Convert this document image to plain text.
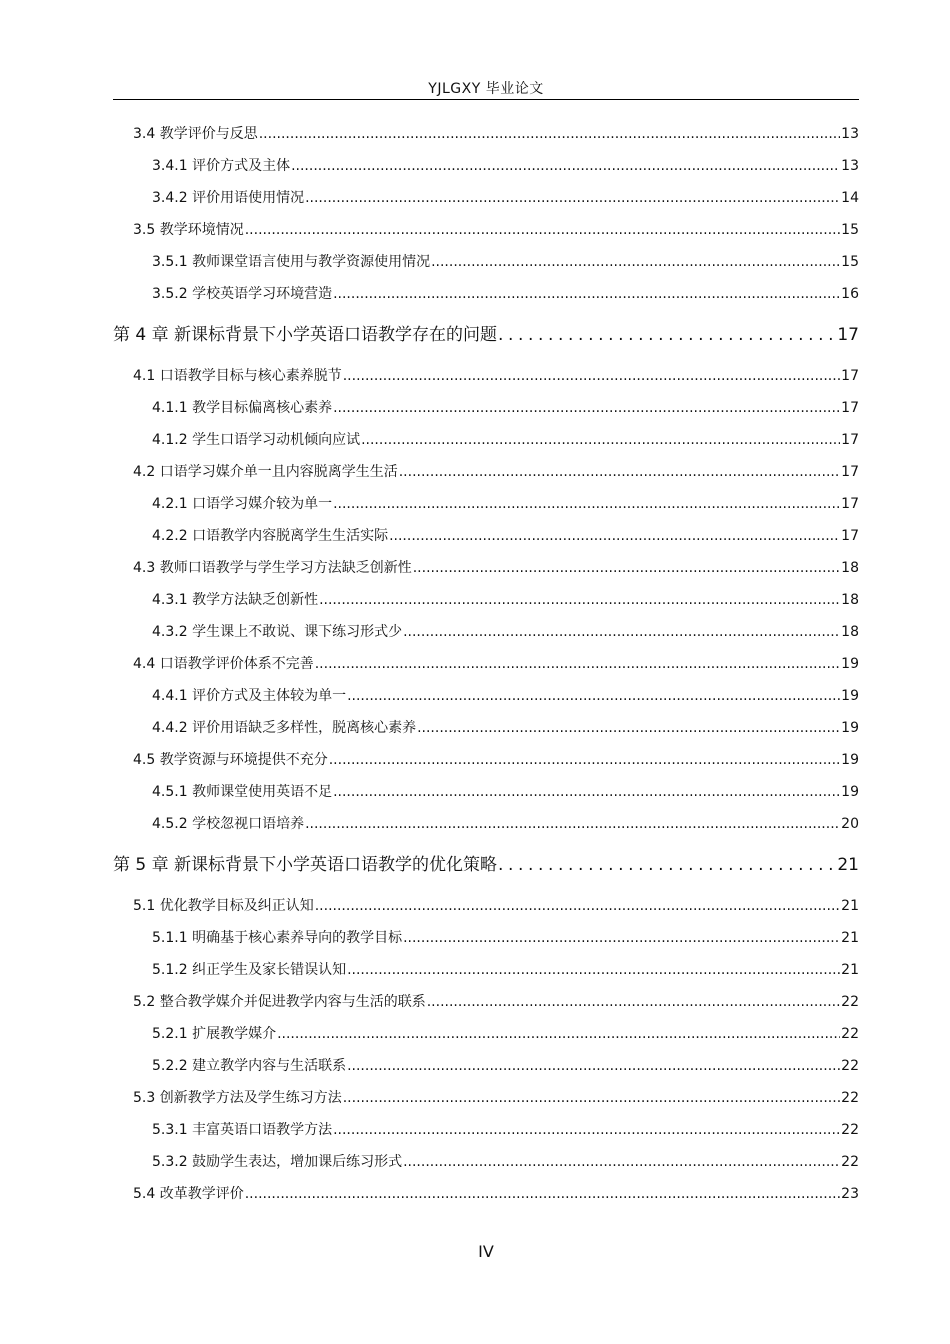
YJLGXY 毕业论文
3.4 教学评价与反思 .....	13
3.4.1 评价方式及主体 .....	13
3.4.2 评价用语使用情况 .....	14
3.5 教学环境情况 .....	15
3.5.1 教师课堂语言使用与教学资源使用情况 .....	15
3.5.2 学校英语学习环境营造 .....	16
第 4 章 新课标背景下小学英语口语教学存在的问题 .....	17
4.1 口语教学目标与核心素养脱节 .....	17
4.1.1 教学目标偏离核心素养 .....	17
4.1.2 学生口语学习动机倾向应试 .....	17
4.2 口语学习媒介单一且内容脱离学生生活 .....	17
4.2.1 口语学习媒介较为单一 .....	17
4.2.2 口语教学内容脱离学生生活实际 .....	17
4.3 教师口语教学与学生学习方法缺乏创新性 .....	18
4.3.1 教学方法缺乏创新性 .....	18
4.3.2 学生课上不敢说、课下练习形式少 .....	18
4.4 口语教学评价体系不完善 .....	19
4.4.1 评价方式及主体较为单一 .....	19
4.4.2 评价用语缺乏多样性，脱离核心素养 .....	19
4.5 教学资源与环境提供不充分 .....	19
4.5.1 教师课堂使用英语不足 .....	19
4.5.2 学校忽视口语培养 .....	20
第 5 章 新课标背景下小学英语口语教学的优化策略 .....	21
5.1 优化教学目标及纠正认知 .....	21
5.1.1 明确基于核心素养导向的教学目标 .....	21
5.1.2 纠正学生及家长错误认知 .....	21
5.2 整合教学媒介并促进教学内容与生活的联系 .....	22
5.2.1 扩展教学媒介 .....	22
5.2.2 建立教学内容与生活联系 .....	22
5.3 创新教学方法及学生练习方法 .....	22
5.3.1 丰富英语口语教学方法 .....	22
5.3.2 鼓励学生表达，增加课后练习形式 .....	22
5.4 改革教学评价 .....	23
IV
